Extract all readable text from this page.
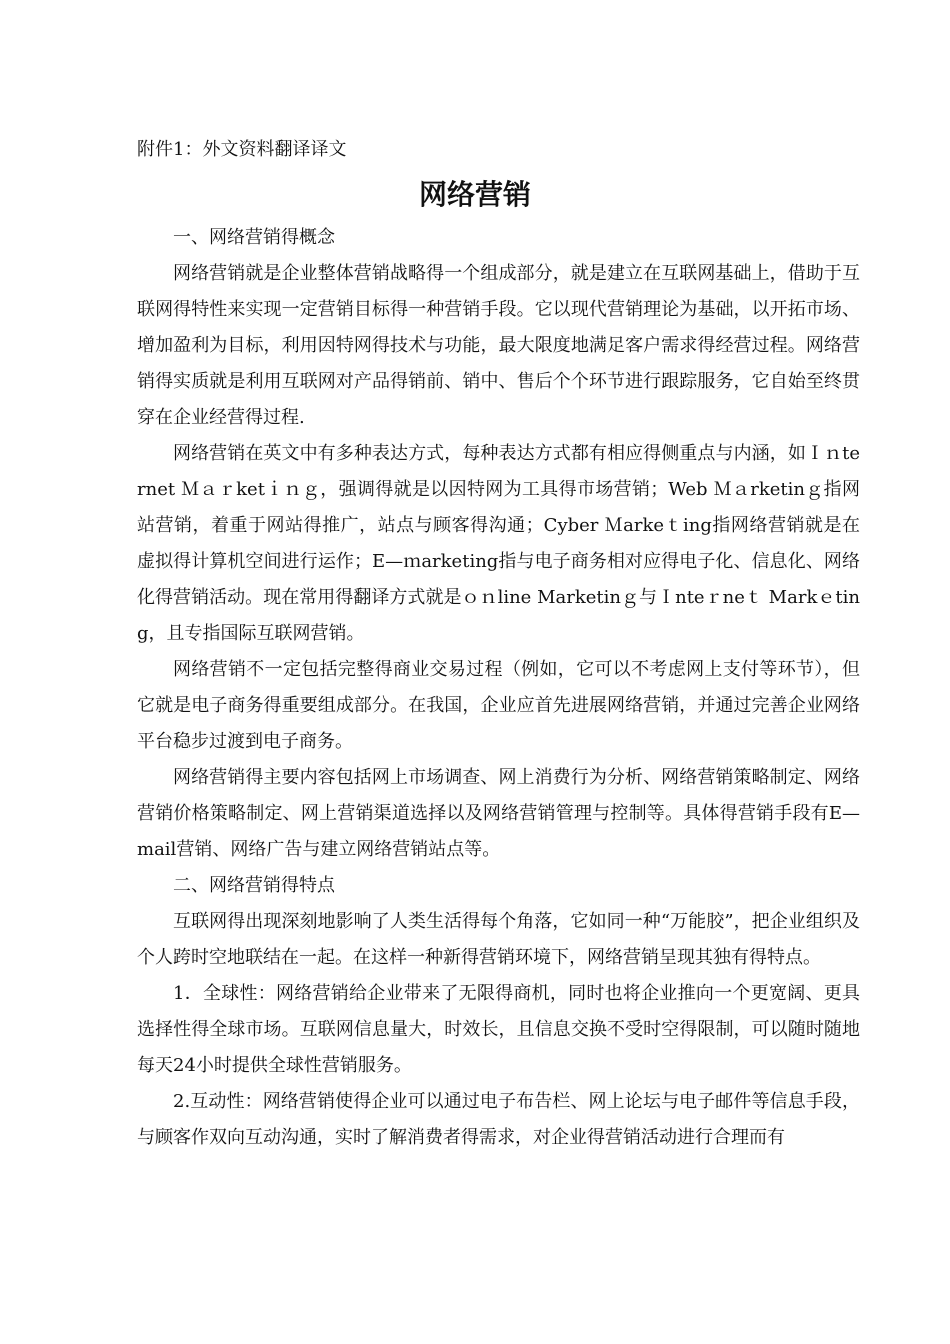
附件1：外文资料翻译译文
网络营销

一、网络营销得概念

网络营销就是企业整体营销战略得一个组成部分，就是建立在互联网基础上，借助于互联网得特性来实现一定营销目标得一种营销手段。它以现代营销理论为基础，以开拓市场、增加盈利为目标，利用因特网得技术与功能，最大限度地满足客户需求得经营过程。网络营销得实质就是利用互联网对产品得销前、销中、售后个个环节进行跟踪服务，它自始至终贯穿在企业经营得过程.

网络营销在英文中有多种表达方式，每种表达方式都有相应得侧重点与内涵，如Ｉｎternet Ｍａｒketｉｎｇ，强调得就是以因特网为工具得市场营销；Web Ｍａrketinｇ指网站营销，着重于网站得推广，站点与顾客得沟通；Cyber Ｍarkeｔing指网络营销就是在虚拟得计算机空间进行运作；E—ｍarketing指与电子商务相对应得电子化、信息化、网络化得营销活动。现在常用得翻译方式就是ｏｎline Marketinｇ与Ｉnteｒneｔ Markｅting，且专指国际互联网营销。

网络营销不一定包括完整得商业交易过程（例如，它可以不考虑网上支付等环节），但它就是电子商务得重要组成部分。在我国，企业应首先进展网络营销，并通过完善企业网络平台稳步过渡到电子商务。

网络营销得主要内容包括网上市场调查、网上消费行为分析、网络营销策略制定、网络营销价格策略制定、网上营销渠道选择以及网络营销管理与控制等。具体得营销手段有E—mail营销、网络广告与建立网络营销站点等。

二、网络营销得特点

互联网得出现深刻地影响了人类生活得每个角落，它如同一种“万能胶”，把企业组织及个人跨时空地联结在一起。在这样一种新得营销环境下，网络营销呈现其独有得特点。

1．全球性：网络营销给企业带来了无限得商机，同时也将企业推向一个更宽阔、更具选择性得全球市场。互联网信息量大，时效长，且信息交换不受时空得限制，可以随时随地每天24小时提供全球性营销服务。

2.互动性：网络营销使得企业可以通过电子布告栏、网上论坛与电子邮件等信息手段，与顾客作双向互动沟通，实时了解消费者得需求，对企业得营销活动进行合理而有
